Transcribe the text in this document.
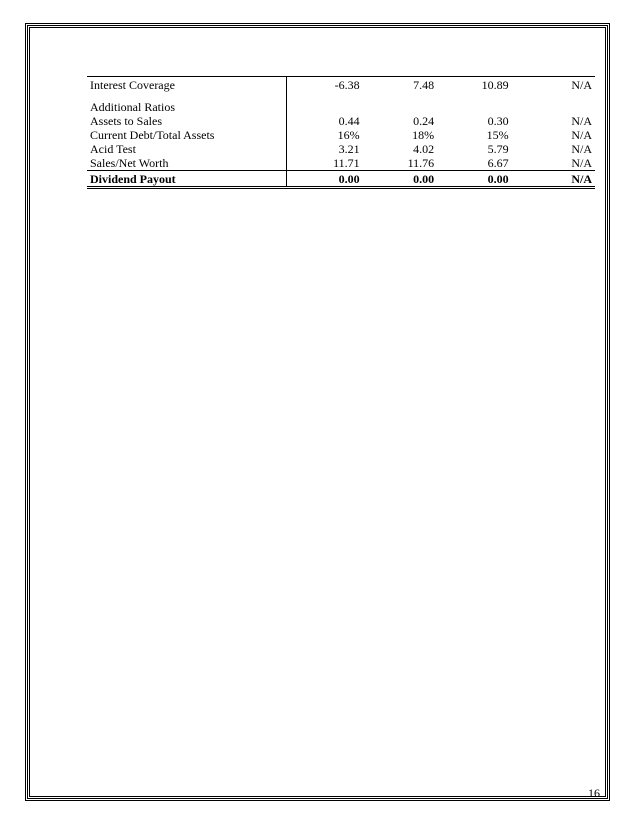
Interest Coverage	-6.38	7.48	10.89	N/A

Additional Ratios				
Assets to Sales	0.44	0.24	0.30	N/A
Current Debt/Total Assets	16%	18%	15%	N/A
Acid Test	3.21	4.02	5.79	N/A
Sales/Net Worth	11.71	11.76	6.67	N/A
Dividend Payout	0.00	0.00	0.00	N/A
16
